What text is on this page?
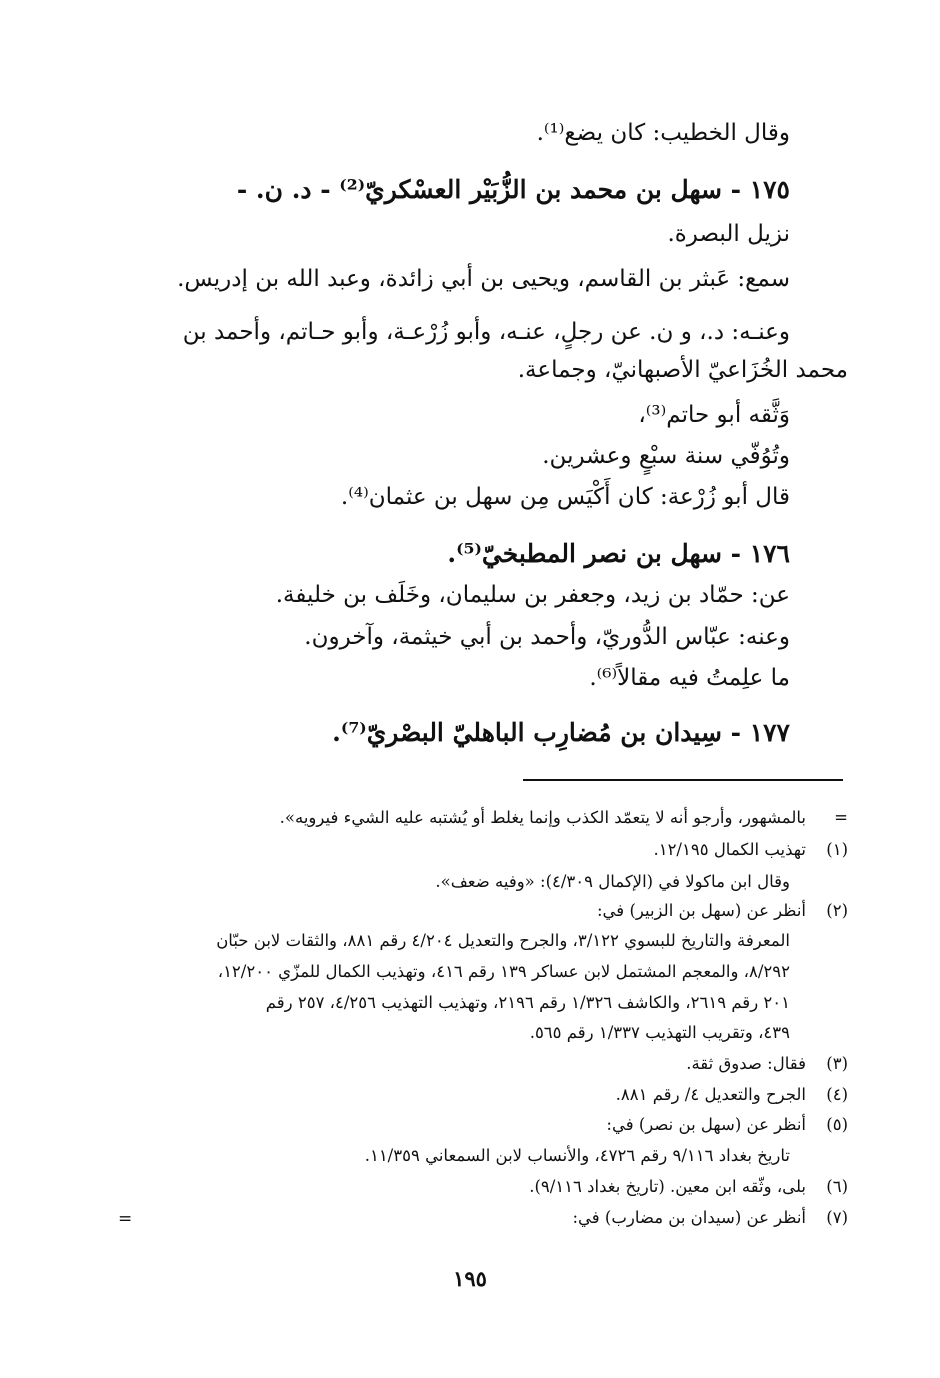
وقال الخطيب: كان يضع⁽¹⁾.
١٧٥ - سهل بن محمد بن الزُّبَيْر العسْكريّ⁽²⁾ - د. ن. -
نزيل البصرة.
سمع: عَبثر بن القاسم، ويحيى بن أبي زائدة، وعبد الله بن إدريس.
وعنـه: د.، و ن. عن رجلٍ، عنـه، وأبو زُرْعـة، وأبو حـاتم، وأحمد بن
محمد الخُزَاعيّ الأصبهانيّ، وجماعة.
وَثَّقه أبو حاتم⁽³⁾،
وتُوُفّي سنة سبْعٍ وعشرين.
قال أبو زُرْعة: كان أَكْيَس مِن سهل بن عثمان⁽⁴⁾.
١٧٦ - سهل بن نصر المطبخيّ⁽⁵⁾.
عن: حمّاد بن زيد، وجعفر بن سليمان، وخَلَف بن خليفة.
وعنه: عبّاس الدُّوريّ، وأحمد بن أبي خيثمة، وآخرون.
ما علِمتُ فيه مقالاً⁽⁶⁾.
١٧٧ - سِيدان بن مُضارِب الباهليّ البصْريّ⁽⁷⁾.
=بالمشهور، وأرجو أنه لا يتعمّد الكذب وإنما يغلط أو يُشتبه عليه الشيء فيرويه».
(١)تهذيب الكمال ١٢/١٩٥.
وقال ابن ماكولا في (الإكمال ٤/٣٠٩): «وفيه ضعف».
(٢)أنظر عن (سهل بن الزبير) في:
المعرفة والتاريخ للبسوي ٣/١٢٢، والجرح والتعديل ٤/٢٠٤ رقم ٨٨١، والثقات لابن حبّان
٨/٢٩٢، والمعجم المشتمل لابن عساكر ١٣٩ رقم ٤١٦، وتهذيب الكمال للمزّي ١٢/٢٠٠،
٢٠١ رقم ٢٦١٩، والكاشف ١/٣٢٦ رقم ٢١٩٦، وتهذيب التهذيب ٤/٢٥٦، ٢٥٧ رقم
٤٣٩، وتقريب التهذيب ١/٣٣٧ رقم ٥٦٥.
(٣)فقال: صدوق ثقة.
(٤)الجرح والتعديل ٤/ رقم ٨٨١.
(٥)أنظر عن (سهل بن نصر) في:
تاريخ بغداد ٩/١١٦ رقم ٤٧٢٦، والأنساب لابن السمعاني ١١/٣٥٩.
(٦)بلى، وثّقه ابن معين. (تاريخ بغداد ٩/١١٦).
(٧)أنظر عن (سيدان بن مضارب) في:
=
١٩٥
